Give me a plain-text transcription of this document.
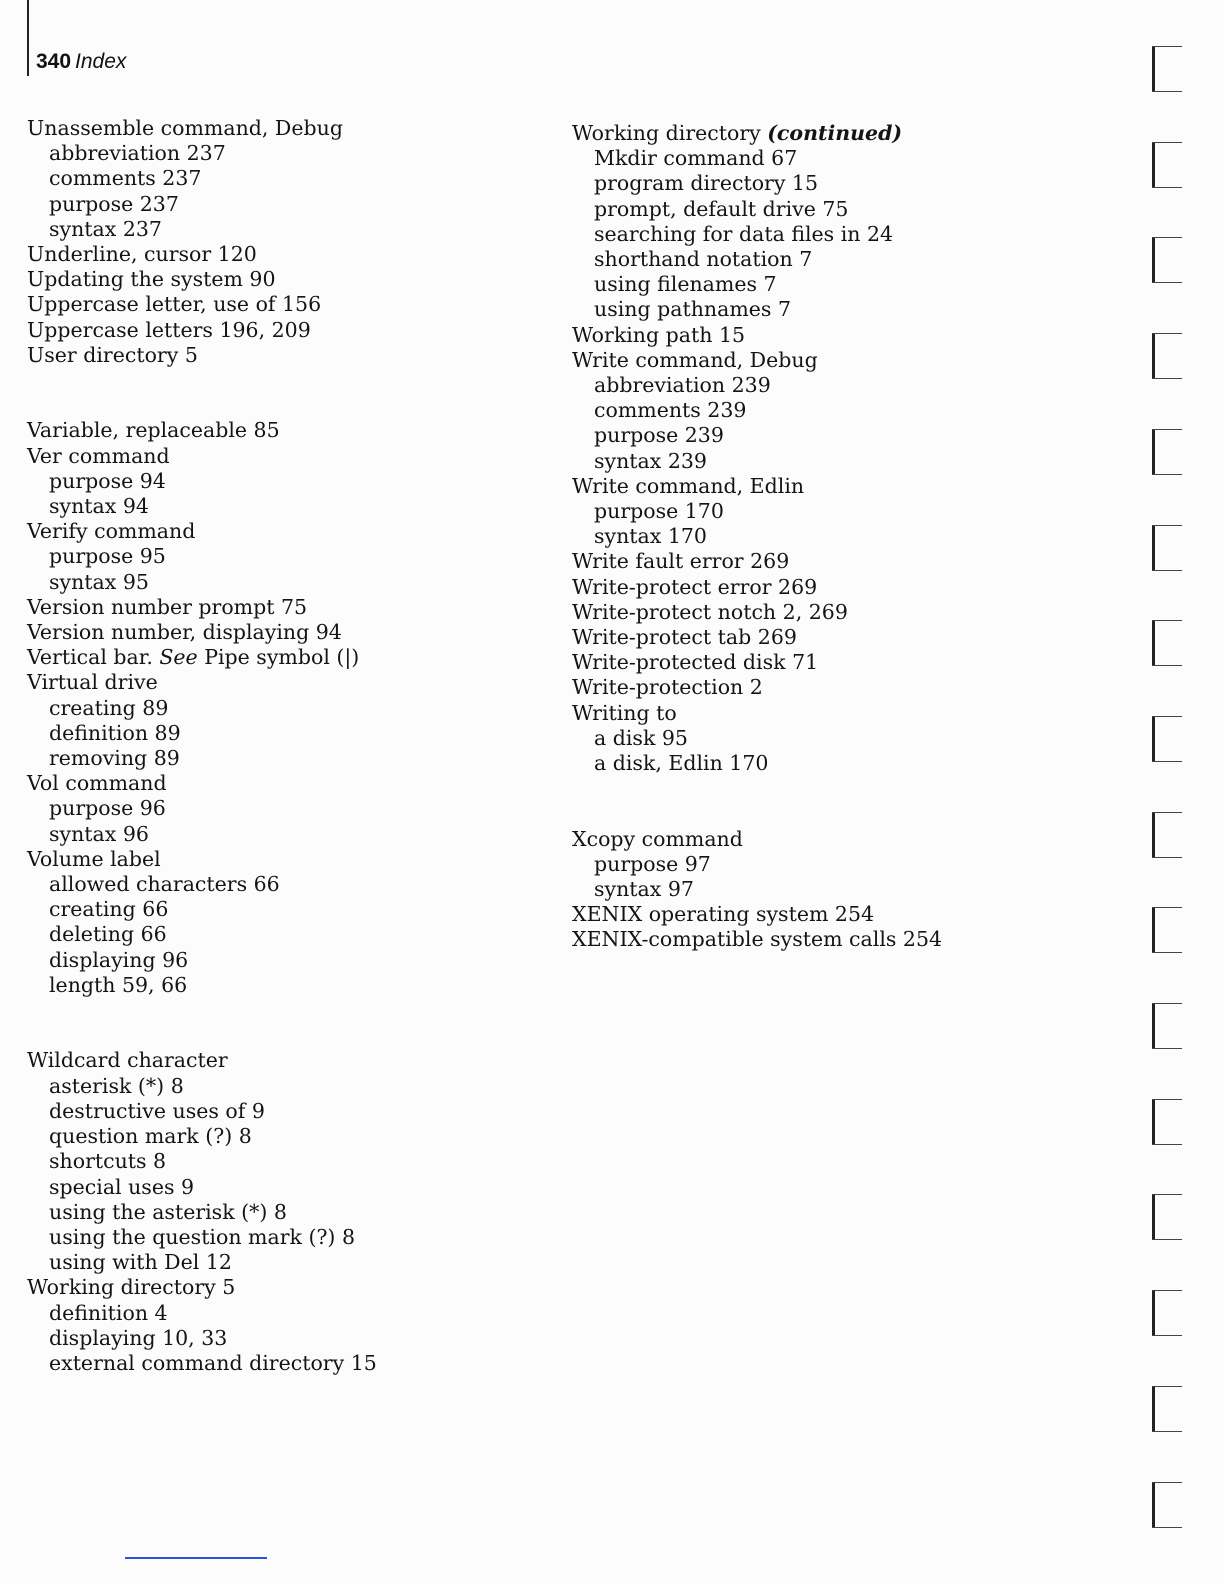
340 Index
Unassemble command, Debug
abbreviation 237
comments 237
purpose 237
syntax 237
Underline, cursor 120
Updating the system 90
Uppercase letter, use of 156
Uppercase letters 196, 209
User directory 5
Variable, replaceable 85
Ver command
purpose 94
syntax 94
Verify command
purpose 95
syntax 95
Version number prompt 75
Version number, displaying 94
Vertical bar. See Pipe symbol (|)
Virtual drive
creating 89
definition 89
removing 89
Vol command
purpose 96
syntax 96
Volume label
allowed characters 66
creating 66
deleting 66
displaying 96
length 59, 66
Wildcard character
asterisk (*) 8
destructive uses of 9
question mark (?) 8
shortcuts 8
special uses 9
using the asterisk (*) 8
using the question mark (?) 8
using with Del 12
Working directory 5
definition 4
displaying 10, 33
external command directory 15
Working directory (continued)
Mkdir command 67
program directory 15
prompt, default drive 75
searching for data files in 24
shorthand notation 7
using filenames 7
using pathnames 7
Working path 15
Write command, Debug
abbreviation 239
comments 239
purpose 239
syntax 239
Write command, Edlin
purpose 170
syntax 170
Write fault error 269
Write-protect error 269
Write-protect notch 2, 269
Write-protect tab 269
Write-protected disk 71
Write-protection 2
Writing to
a disk 95
a disk, Edlin 170
Xcopy command
purpose 97
syntax 97
XENIX operating system 254
XENIX-compatible system calls 254
